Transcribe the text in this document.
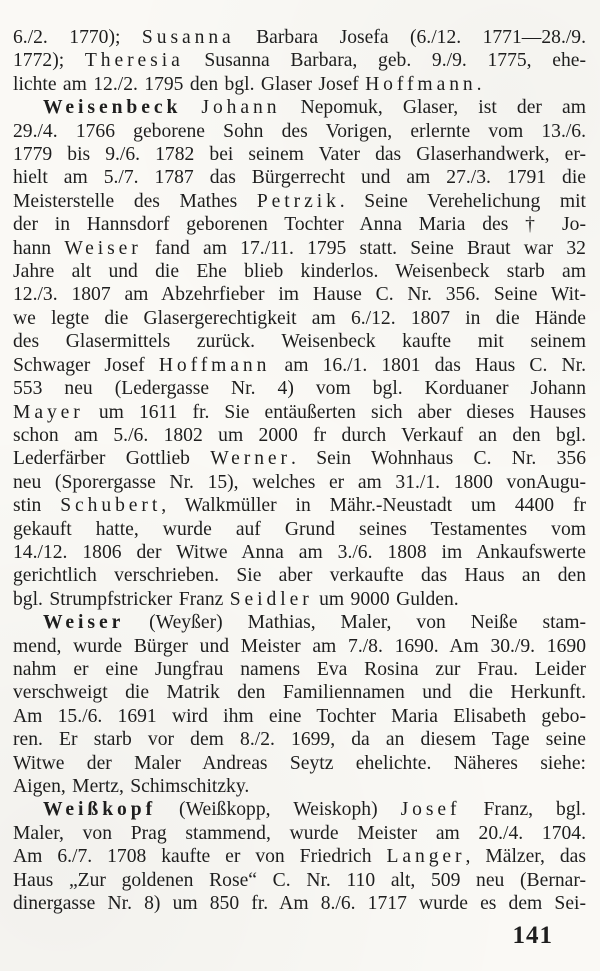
6./2. 1770); Susanna Barbara Josefa (6./12. 1771—28./9.
1772); Theresia Susanna Barbara, geb. 9./9. 1775, ehe-
lichte am 12./2. 1795 den bgl. Glaser Josef Hoffmann.
Weisenbeck Johann Nepomuk, Glaser, ist der am
29./4. 1766 geborene Sohn des Vorigen, erlernte vom 13./6.
1779 bis 9./6. 1782 bei seinem Vater das Glaserhandwerk, er-
hielt am 5./7. 1787 das Bürgerrecht und am 27./3. 1791 die
Meisterstelle des Mathes Petrzik. Seine Verehelichung mit
der in Hannsdorf geborenen Tochter Anna Maria des † Jo-
hann Weiser fand am 17./11. 1795 statt. Seine Braut war 32
Jahre alt und die Ehe blieb kinderlos. Weisenbeck starb am
12./3. 1807 am Abzehrfieber im Hause C. Nr. 356. Seine Wit-
we legte die Glasergerechtigkeit am 6./12. 1807 in die Hände
des Glasermittels zurück. Weisenbeck kaufte mit seinem
Schwager Josef Hoffmann am 16./1. 1801 das Haus C. Nr.
553 neu (Ledergasse Nr. 4) vom bgl. Korduaner Johann
Mayer um 1611 fr. Sie entäußerten sich aber dieses Hauses
schon am 5./6. 1802 um 2000 fr durch Verkauf an den bgl.
Lederfärber Gottlieb Werner. Sein Wohnhaus C. Nr. 356
neu (Sporergasse Nr. 15), welches er am 31./1. 1800 vonAugu-
stin Schubert, Walkmüller in Mähr.-Neustadt um 4400 fr
gekauft hatte, wurde auf Grund seines Testamentes vom
14./12. 1806 der Witwe Anna am 3./6. 1808 im Ankaufswerte
gerichtlich verschrieben. Sie aber verkaufte das Haus an den
bgl. Strumpfstricker Franz Seidler um 9000 Gulden.
Weiser (Weyßer) Mathias, Maler, von Neiße stam-
mend, wurde Bürger und Meister am 7./8. 1690. Am 30./9. 1690
nahm er eine Jungfrau namens Eva Rosina zur Frau. Leider
verschweigt die Matrik den Familiennamen und die Herkunft.
Am 15./6. 1691 wird ihm eine Tochter Maria Elisabeth gebo-
ren. Er starb vor dem 8./2. 1699, da an diesem Tage seine
Witwe der Maler Andreas Seytz ehelichte. Näheres siehe:
Aigen, Mertz, Schimschitzky.
Weißkopf (Weißkopp, Weiskoph) Josef Franz, bgl.
Maler, von Prag stammend, wurde Meister am 20./4. 1704.
Am 6./7. 1708 kaufte er von Friedrich Langer, Mälzer, das
Haus „Zur goldenen Rose“ C. Nr. 110 alt, 509 neu (Bernar-
dinergasse Nr. 8) um 850 fr. Am 8./6. 1717 wurde es dem Sei-
141
